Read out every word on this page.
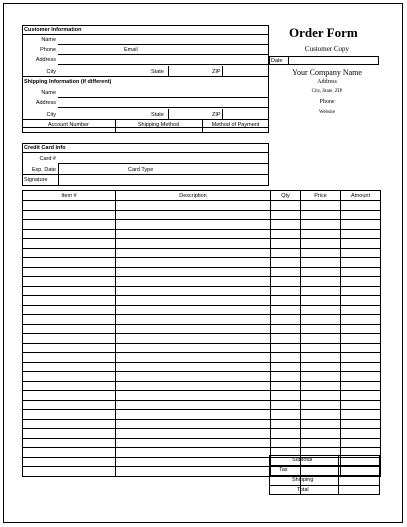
Customer Information
Name
Phone	Email
Address
City	State	ZIP
Shipping Information (if different)
Name
Address
City	State	ZIP
Account Number	Shipping Method	Method of Payment
Order Form
Customer Copy
Date
Your Company Name
Address
City, State, ZIP
Phone
Website
Credit Card Info
Card #
Exp. Date	Card Type
Signature
Item #	Description	Qty	Price	Amount

Subtotal
Tax
Shipping
Total
